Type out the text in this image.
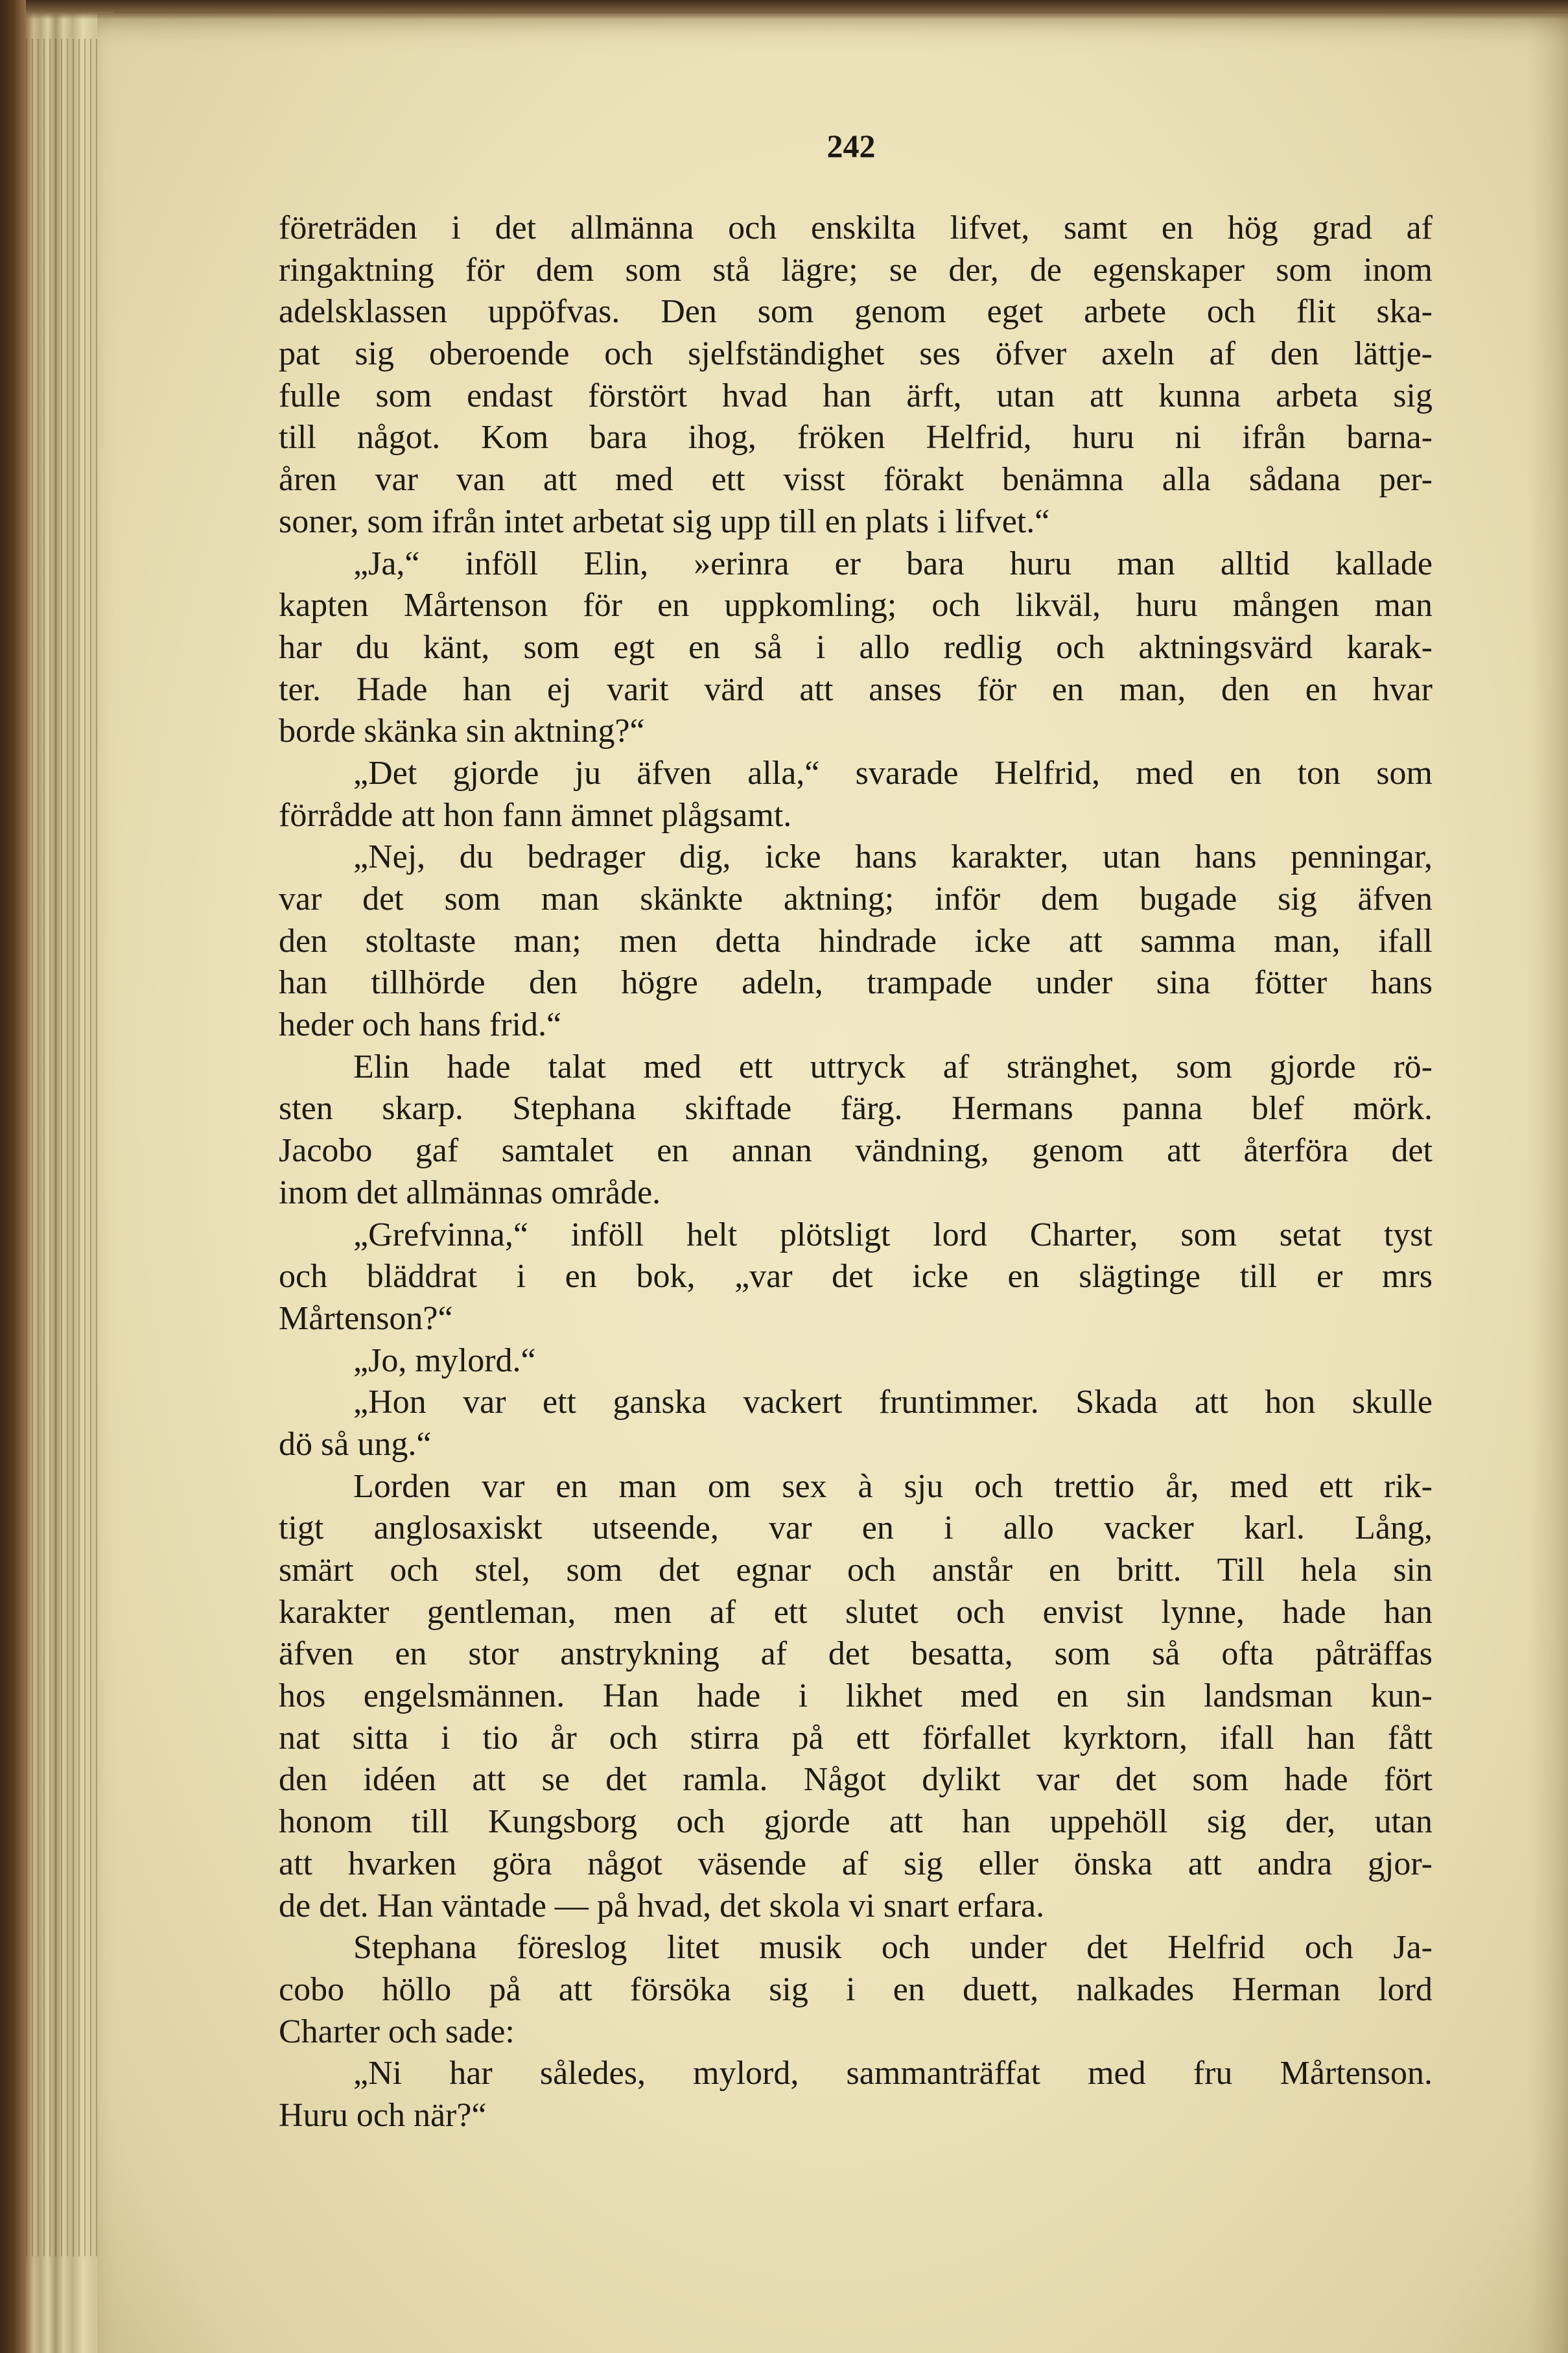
242
företräden i det allmänna och enskilta lifvet, samt en hög grad af
ringaktning för dem som stå lägre; se der, de egenskaper som inom
adelsklassen uppöfvas. Den som genom eget arbete och flit ska-
pat sig oberoende och sjelfständighet ses öfver axeln af den lättje-
fulle som endast förstört hvad han ärft, utan att kunna arbeta sig
till något. Kom bara ihog, fröken Helfrid, huru ni ifrån barna-
åren var van att med ett visst förakt benämna alla sådana per-
soner, som ifrån intet arbetat sig upp till en plats i lifvet.“
„Ja,“ inföll Elin, »erinra er bara huru man alltid kallade
kapten Mårtenson för en uppkomling; och likväl, huru mången man
har du känt, som egt en så i allo redlig och aktningsvärd karak-
ter. Hade han ej varit värd att anses för en man, den en hvar
borde skänka sin aktning?“
„Det gjorde ju äfven alla,“ svarade Helfrid, med en ton som
förrådde att hon fann ämnet plågsamt.
„Nej, du bedrager dig, icke hans karakter, utan hans penningar,
var det som man skänkte aktning; inför dem bugade sig äfven
den stoltaste man; men detta hindrade icke att samma man, ifall
han tillhörde den högre adeln, trampade under sina fötter hans
heder och hans frid.“
Elin hade talat med ett uttryck af stränghet, som gjorde rö-
sten skarp. Stephana skiftade färg. Hermans panna blef mörk.
Jacobo gaf samtalet en annan vändning, genom att återföra det
inom det allmännas område.
„Grefvinna,“ inföll helt plötsligt lord Charter, som setat tyst
och bläddrat i en bok, „var det icke en slägtinge till er mrs
Mårtenson?“
„Jo, mylord.“
„Hon var ett ganska vackert fruntimmer. Skada att hon skulle
dö så ung.“
Lorden var en man om sex à sju och trettio år, med ett rik-
tigt anglosaxiskt utseende, var en i allo vacker karl. Lång,
smärt och stel, som det egnar och anstår en britt. Till hela sin
karakter gentleman, men af ett slutet och envist lynne, hade han
äfven en stor anstrykning af det besatta, som så ofta påträffas
hos engelsmännen. Han hade i likhet med en sin landsman kun-
nat sitta i tio år och stirra på ett förfallet kyrktorn, ifall han fått
den idéen att se det ramla. Något dylikt var det som hade fört
honom till Kungsborg och gjorde att han uppehöll sig der, utan
att hvarken göra något väsende af sig eller önska att andra gjor-
de det. Han väntade — på hvad, det skola vi snart erfara.
Stephana föreslog litet musik och under det Helfrid och Ja-
cobo höllo på att försöka sig i en duett, nalkades Herman lord
Charter och sade:
„Ni har således, mylord, sammanträffat med fru Mårtenson.
Huru och när?“
